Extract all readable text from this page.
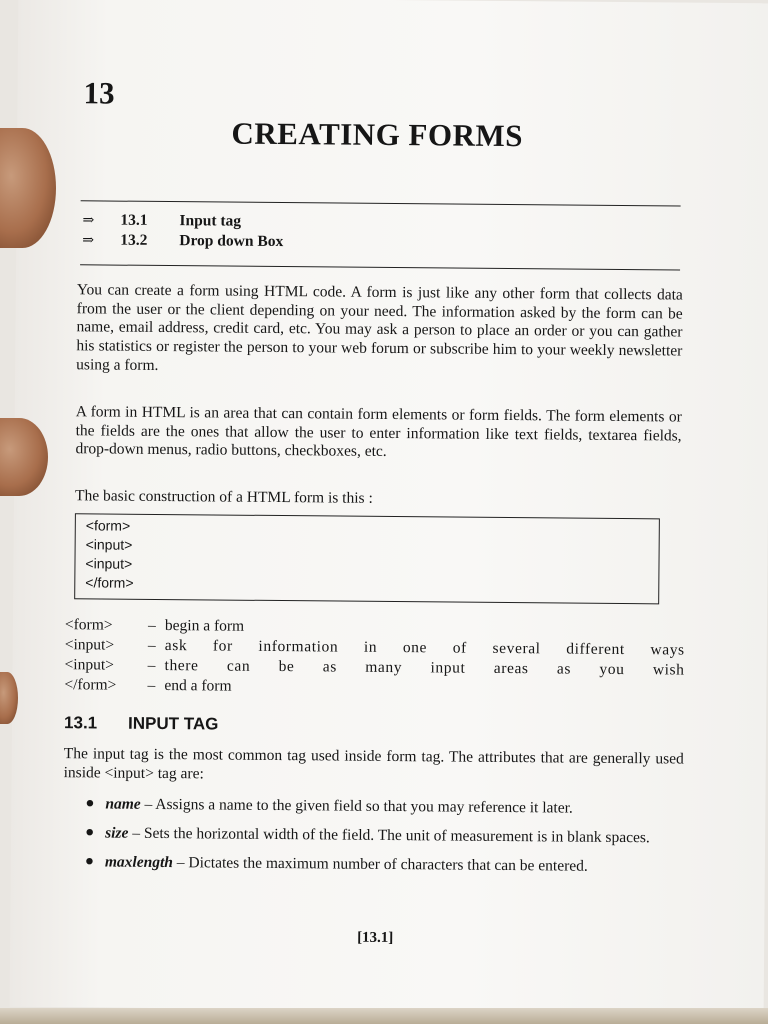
13
CREATING FORMS
⇒	13.1	Input tag
⇒	13.2	Drop down Box

You can create a form using HTML code. A form is just like any other form that collects data from the user or the client depending on your need. The information asked by the form can be name, email address, credit card, etc. You may ask a person to place an order or you can gather his statistics or register the person to your web forum or subscribe him to your weekly newsletter using a form.

A form in HTML is an area that can contain form elements or form fields. The form elements or the fields are the ones that allow the user to enter information like text fields, textarea fields, drop-down menus, radio buttons, checkboxes, etc.

The basic construction of a HTML form is this :

<form>
<input>
<input>
</form>
<form>	– begin a form
<input>	– ask for information in one of several different ways
<input>	– there can be as many input areas as you wish
</form>	– end a form
13.1 INPUT TAG

The input tag is the most common tag used inside form tag. The attributes that are generally used inside <input> tag are:

● name – Assigns a name to the given field so that you may reference it later.
● size – Sets the horizontal width of the field. The unit of measurement is in blank spaces.
● maxlength – Dictates the maximum number of characters that can be entered.
[13.1]
